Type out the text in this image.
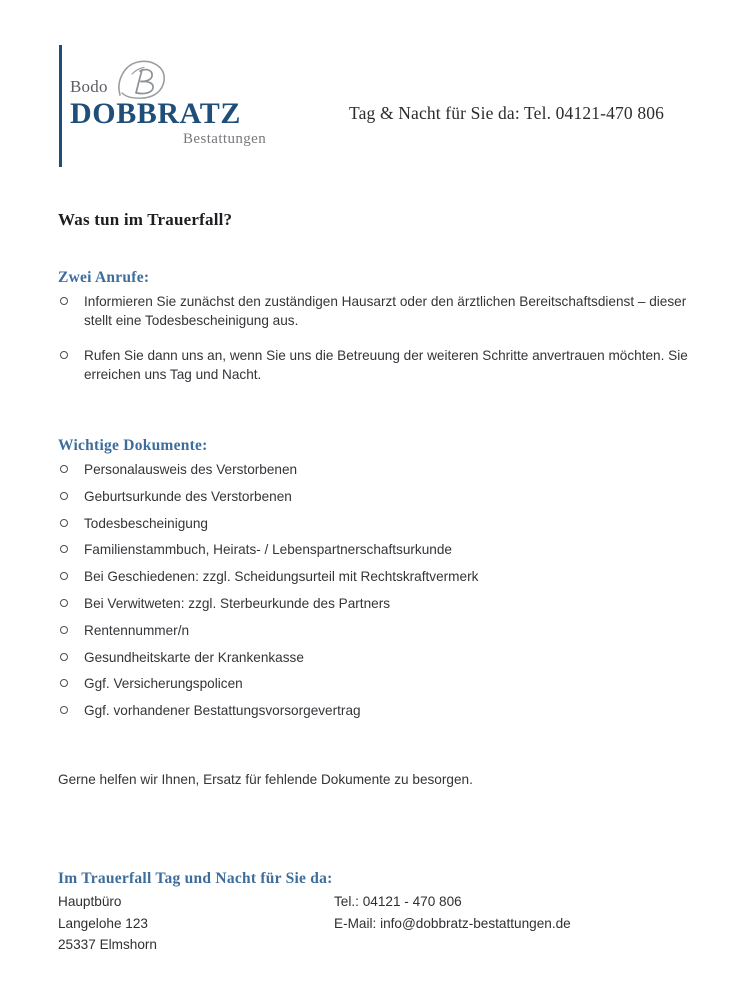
Bodo
DOBBRATZ
Bestattungen
Tag & Nacht für Sie da: Tel. 04121-470 806
Was tun im Trauerfall?
Zwei Anrufe:
Informieren Sie zunächst den zuständigen Hausarzt oder den ärztlichen Bereitschaftsdienst – dieser stellt eine Todesbescheinigung aus.
Rufen Sie dann uns an, wenn Sie uns die Betreuung der weiteren Schritte anvertrauen möchten. Sie erreichen uns Tag und Nacht.
Wichtige Dokumente:
Personalausweis des Verstorbenen
Geburtsurkunde des Verstorbenen
Todesbescheinigung
Familienstammbuch, Heirats- / Lebenspartnerschaftsurkunde
Bei Geschiedenen: zzgl. Scheidungsurteil mit Rechtskraftvermerk
Bei Verwitweten: zzgl. Sterbeurkunde des Partners
Rentennummer/n
Gesundheitskarte der Krankenkasse
Ggf. Versicherungspolicen
Ggf. vorhandener Bestattungsvorsorgevertrag

Gerne helfen wir Ihnen, Ersatz für fehlende Dokumente zu besorgen.

Im Trauerfall Tag und Nacht für Sie da:
Hauptbüro
Langelohe 123
25337 Elmshorn
Tel.: 04121 - 470 806
E-Mail: info@dobbratz-bestattungen.de
